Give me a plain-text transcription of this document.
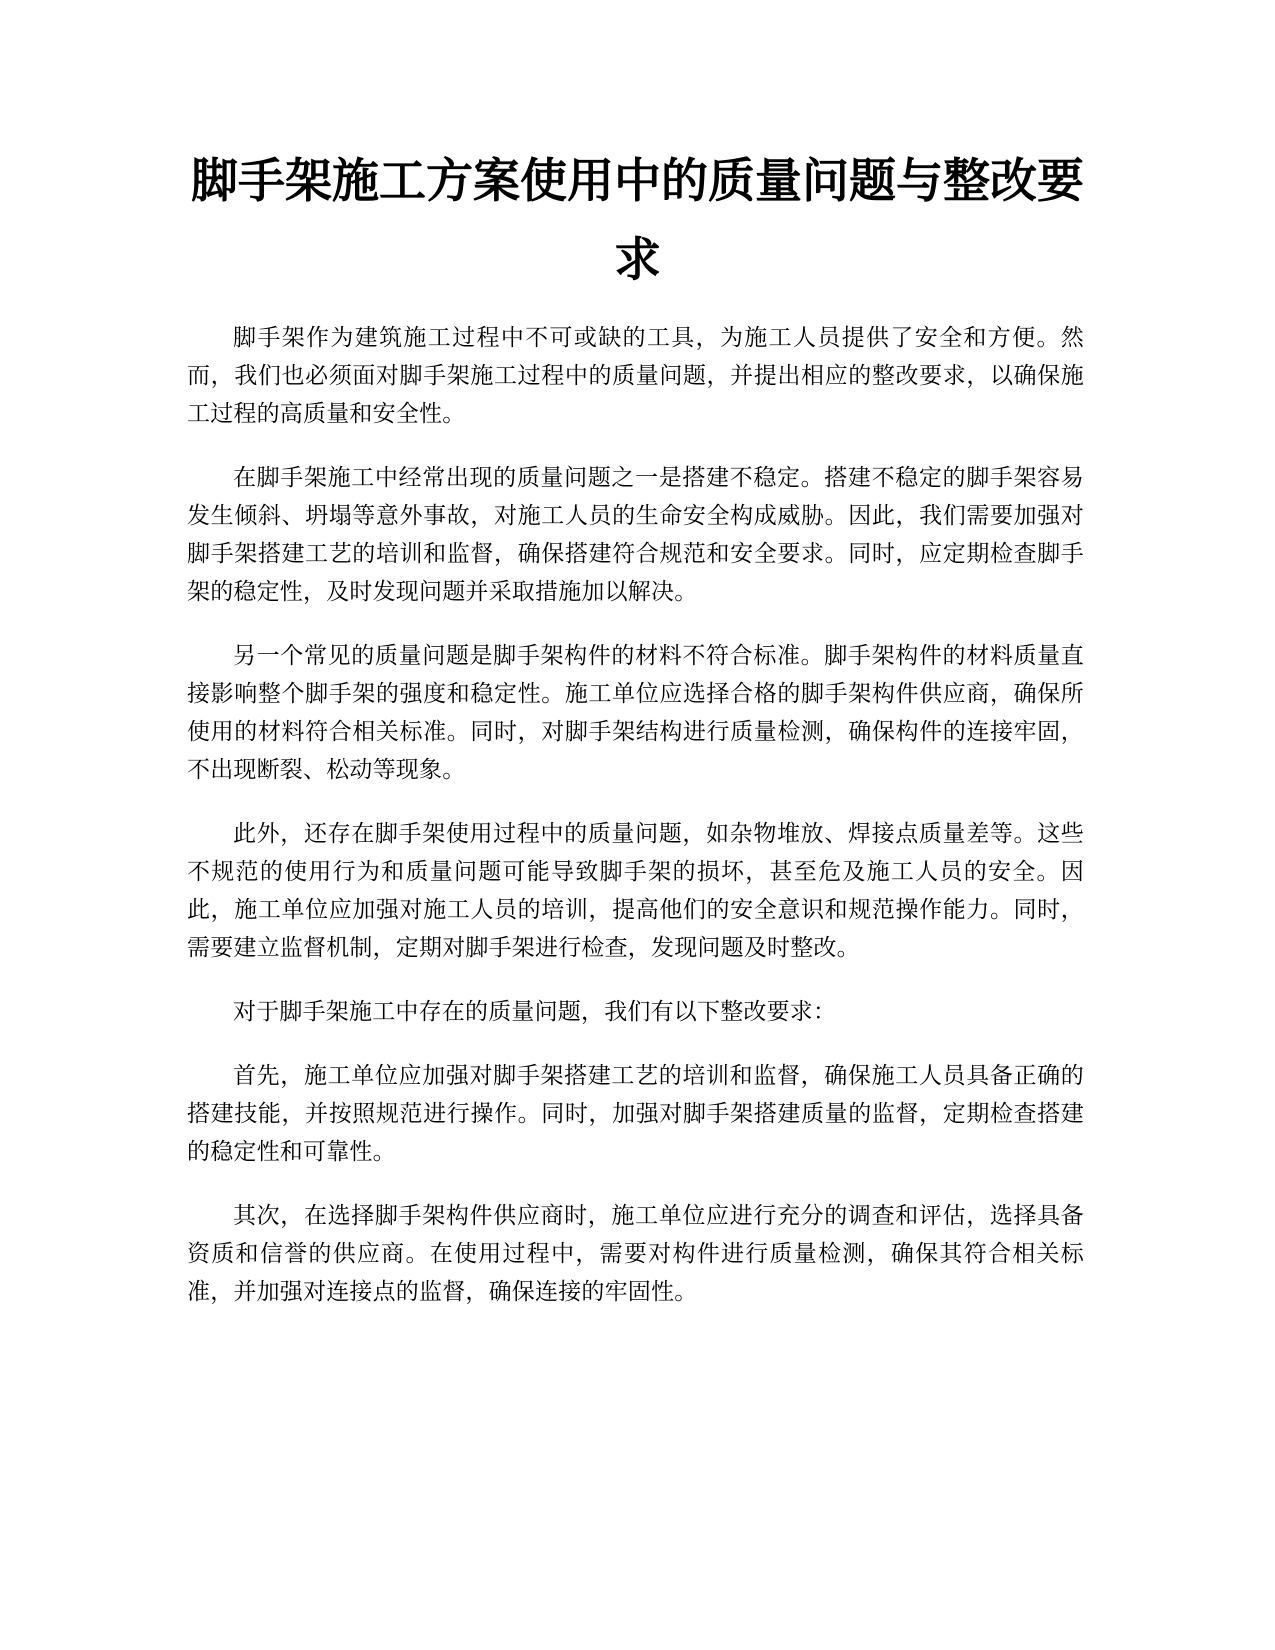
脚手架施工方案使用中的质量问题与整改要求

脚手架作为建筑施工过程中不可或缺的工具，为施工人员提供了安全和方便。然而，我们也必须面对脚手架施工过程中的质量问题，并提出相应的整改要求，以确保施工过程的高质量和安全性。

在脚手架施工中经常出现的质量问题之一是搭建不稳定。搭建不稳定的脚手架容易发生倾斜、坍塌等意外事故，对施工人员的生命安全构成威胁。因此，我们需要加强对脚手架搭建工艺的培训和监督，确保搭建符合规范和安全要求。同时，应定期检查脚手架的稳定性，及时发现问题并采取措施加以解决。

另一个常见的质量问题是脚手架构件的材料不符合标准。脚手架构件的材料质量直接影响整个脚手架的强度和稳定性。施工单位应选择合格的脚手架构件供应商，确保所使用的材料符合相关标准。同时，对脚手架结构进行质量检测，确保构件的连接牢固，不出现断裂、松动等现象。

此外，还存在脚手架使用过程中的质量问题，如杂物堆放、焊接点质量差等。这些不规范的使用行为和质量问题可能导致脚手架的损坏，甚至危及施工人员的安全。因此，施工单位应加强对施工人员的培训，提高他们的安全意识和规范操作能力。同时，需要建立监督机制，定期对脚手架进行检查，发现问题及时整改。

对于脚手架施工中存在的质量问题，我们有以下整改要求：

首先，施工单位应加强对脚手架搭建工艺的培训和监督，确保施工人员具备正确的搭建技能，并按照规范进行操作。同时，加强对脚手架搭建质量的监督，定期检查搭建的稳定性和可靠性。

其次，在选择脚手架构件供应商时，施工单位应进行充分的调查和评估，选择具备资质和信誉的供应商。在使用过程中，需要对构件进行质量检测，确保其符合相关标准，并加强对连接点的监督，确保连接的牢固性。
